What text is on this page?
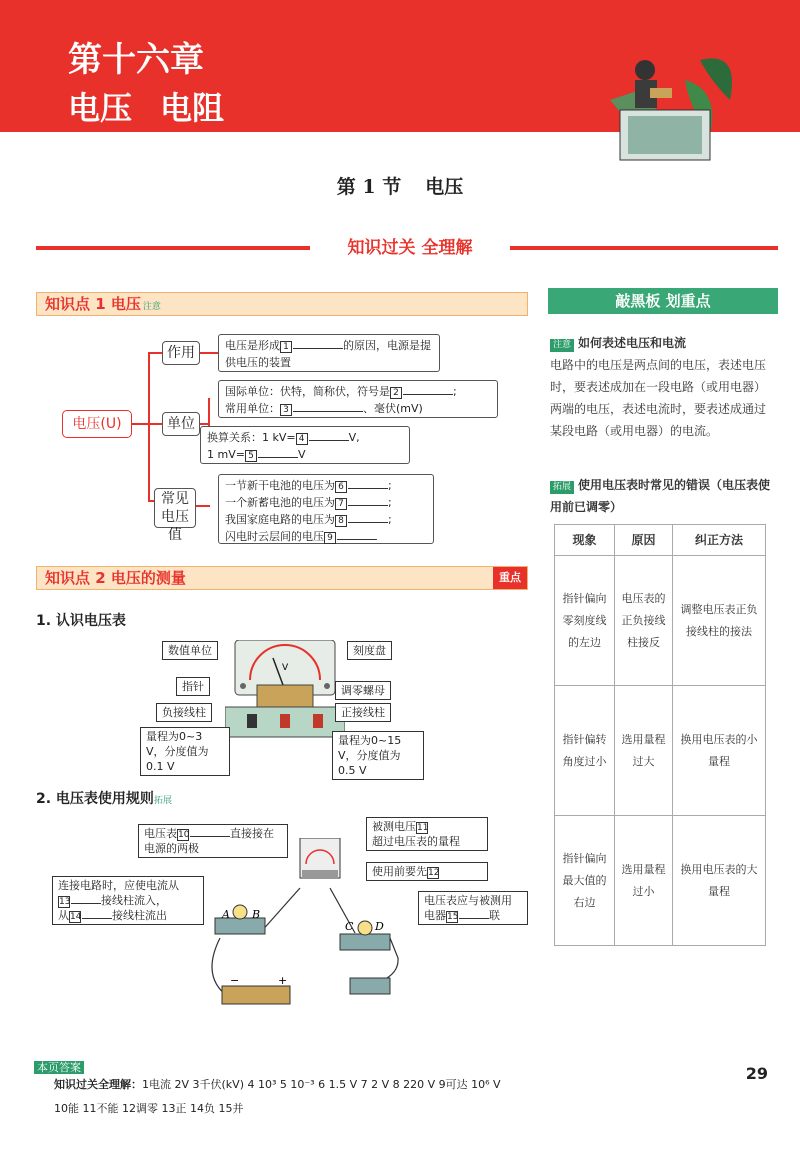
第十六章
电压 电阻
第 1 节 电压
知识过关 全理解
知识点 1 电压 注意
电压(U)
作用
单位
常见电压值
电压是形成 1	的原因，电源是提供电压的装置
国际单位：伏特，简称伏，符号是 2	;
常用单位： 3	、毫伏(mV)
换算关系：1 kV= 4	V,
1 mV= 5	V
一节新干电池的电压为 6	;
一个新蓄电池的电压为 7	;
我国家庭电路的电压为 8	;
闪电时云层间的电压 9
知识点 2 电压的测量	重点
1. 认识电压表
V
数值单位	刻度盘
指针	调零螺母
负接线柱	正接线柱
量程为0~3 V，分度值为0.1 V
量程为0~15 V，分度值为0.5 V
2. 电压表使用规则拓展
A B
C D
−	+
电压表10	直接接在电源的两极
被测电压11
超过电压表的量程
使用前要先12
连接电路时，应使电流从
13	接线柱流入，
从14	接线柱流出
电压表应与被测用
电器15	联
敲黑板 划重点
注意 如何表述电压和电流
电路中的电压是两点间的电压，表述电压时，要表述成加在一段电路（或用电器）两端的电压，表述电流时，要表述成通过某段电路（或用电器）的电流。
拓展 使用电压表时常见的错误（电压表使用前已调零）
现象	原因	纠正方法
指针偏向零刻度线的左边	电压表的正负接线柱接反	调整电压表正负接线柱的接法
指针偏转角度过小	选用量程过大	换用电压表的小量程
指针偏向最大值的右边	选用量程过小	换用电压表的大量程
本页答案
知识过关全理解：1电流 2V 3千伏(kV) 4 10³ 5 10⁻³ 6 1.5 V 7 2 V 8 220 V 9可达 10⁶ V
10能 11不能 12调零 13正 14负 15并
29
